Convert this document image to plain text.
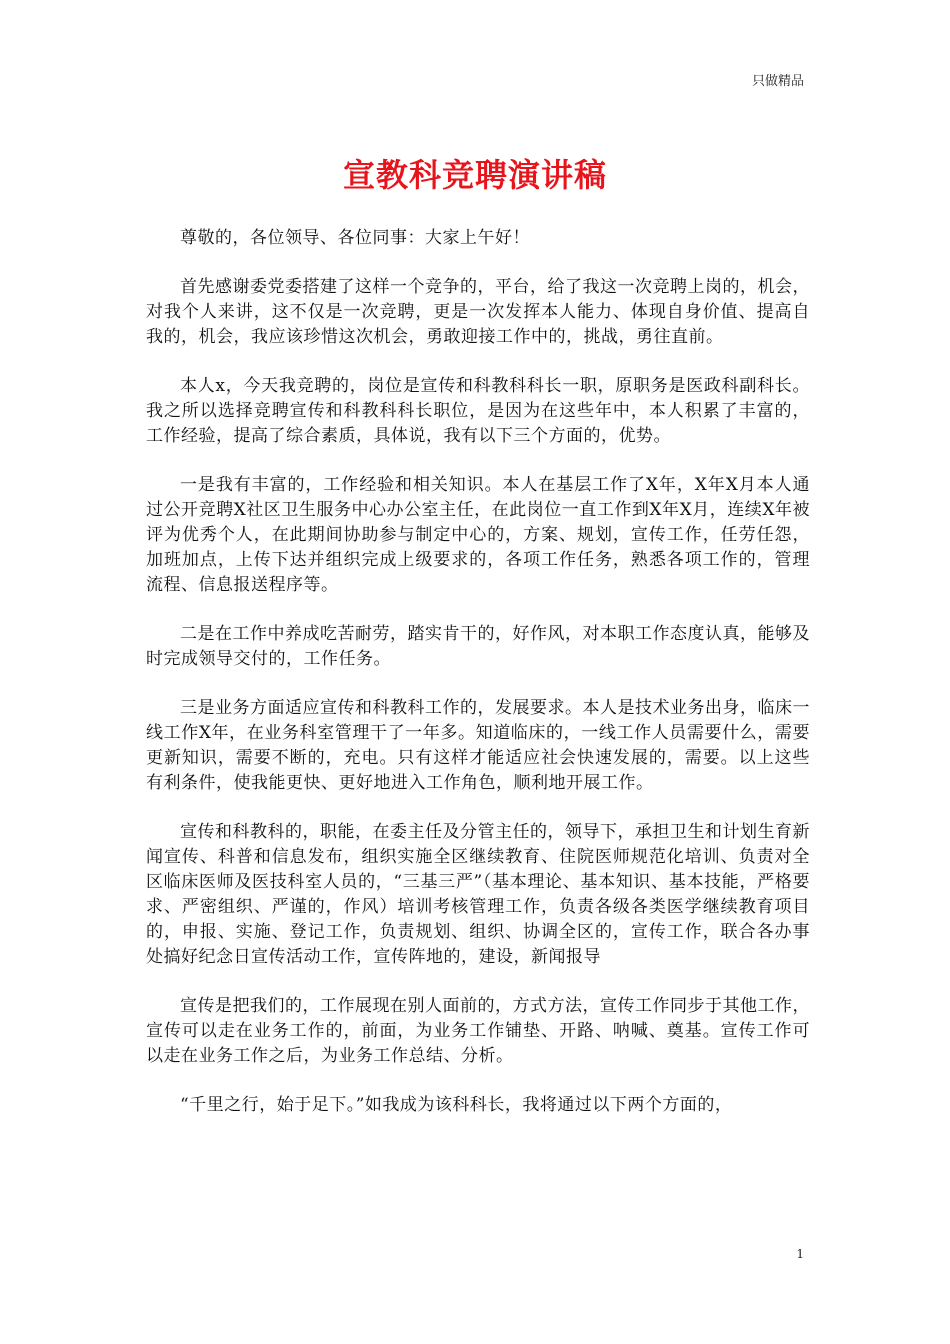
只做精品
宣教科竞聘演讲稿

尊敬的，各位领导、各位同事：大家上午好！

首先感谢委党委搭建了这样一个竞争的，平台，给了我这一次竞聘上岗的，机会，对我个人来讲，这不仅是一次竞聘，更是一次发挥本人能力、体现自身价值、提高自我的，机会，我应该珍惜这次机会，勇敢迎接工作中的，挑战，勇往直前。

本人x，今天我竞聘的，岗位是宣传和科教科科长一职，原职务是医政科副科长。我之所以选择竞聘宣传和科教科科长职位，是因为在这些年中，本人积累了丰富的，工作经验，提高了综合素质，具体说，我有以下三个方面的，优势。

一是我有丰富的，工作经验和相关知识。本人在基层工作了X年，X年X月本人通过公开竞聘X社区卫生服务中心办公室主任，在此岗位一直工作到X年X月，连续X年被评为优秀个人，在此期间协助参与制定中心的，方案、规划，宣传工作，任劳任怨，加班加点，上传下达并组织完成上级要求的，各项工作任务，熟悉各项工作的，管理流程、信息报送程序等。

二是在工作中养成吃苦耐劳，踏实肯干的，好作风，对本职工作态度认真，能够及时完成领导交付的，工作任务。

三是业务方面适应宣传和科教科工作的，发展要求。本人是技术业务出身，临床一线工作X年，在业务科室管理干了一年多。知道临床的，一线工作人员需要什么，需要更新知识，需要不断的，充电。只有这样才能适应社会快速发展的，需要。以上这些有利条件，使我能更快、更好地进入工作角色，顺利地开展工作。

宣传和科教科的，职能，在委主任及分管主任的，领导下，承担卫生和计划生育新闻宣传、科普和信息发布，组织实施全区继续教育、住院医师规范化培训、负责对全区临床医师及医技科室人员的，“三基三严”（基本理论、基本知识、基本技能，严格要求、严密组织、严谨的，作风）培训考核管理工作，负责各级各类医学继续教育项目的，申报、实施、登记工作，负责规划、组织、协调全区的，宣传工作，联合各办事处搞好纪念日宣传活动工作，宣传阵地的，建设，新闻报导

宣传是把我们的，工作展现在别人面前的，方式方法，宣传工作同步于其他工作，宣传可以走在业务工作的，前面，为业务工作铺垫、开路、呐喊、奠基。宣传工作可以走在业务工作之后，为业务工作总结、分析。

“千里之行，始于足下。”如我成为该科科长，我将通过以下两个方面的，

1
